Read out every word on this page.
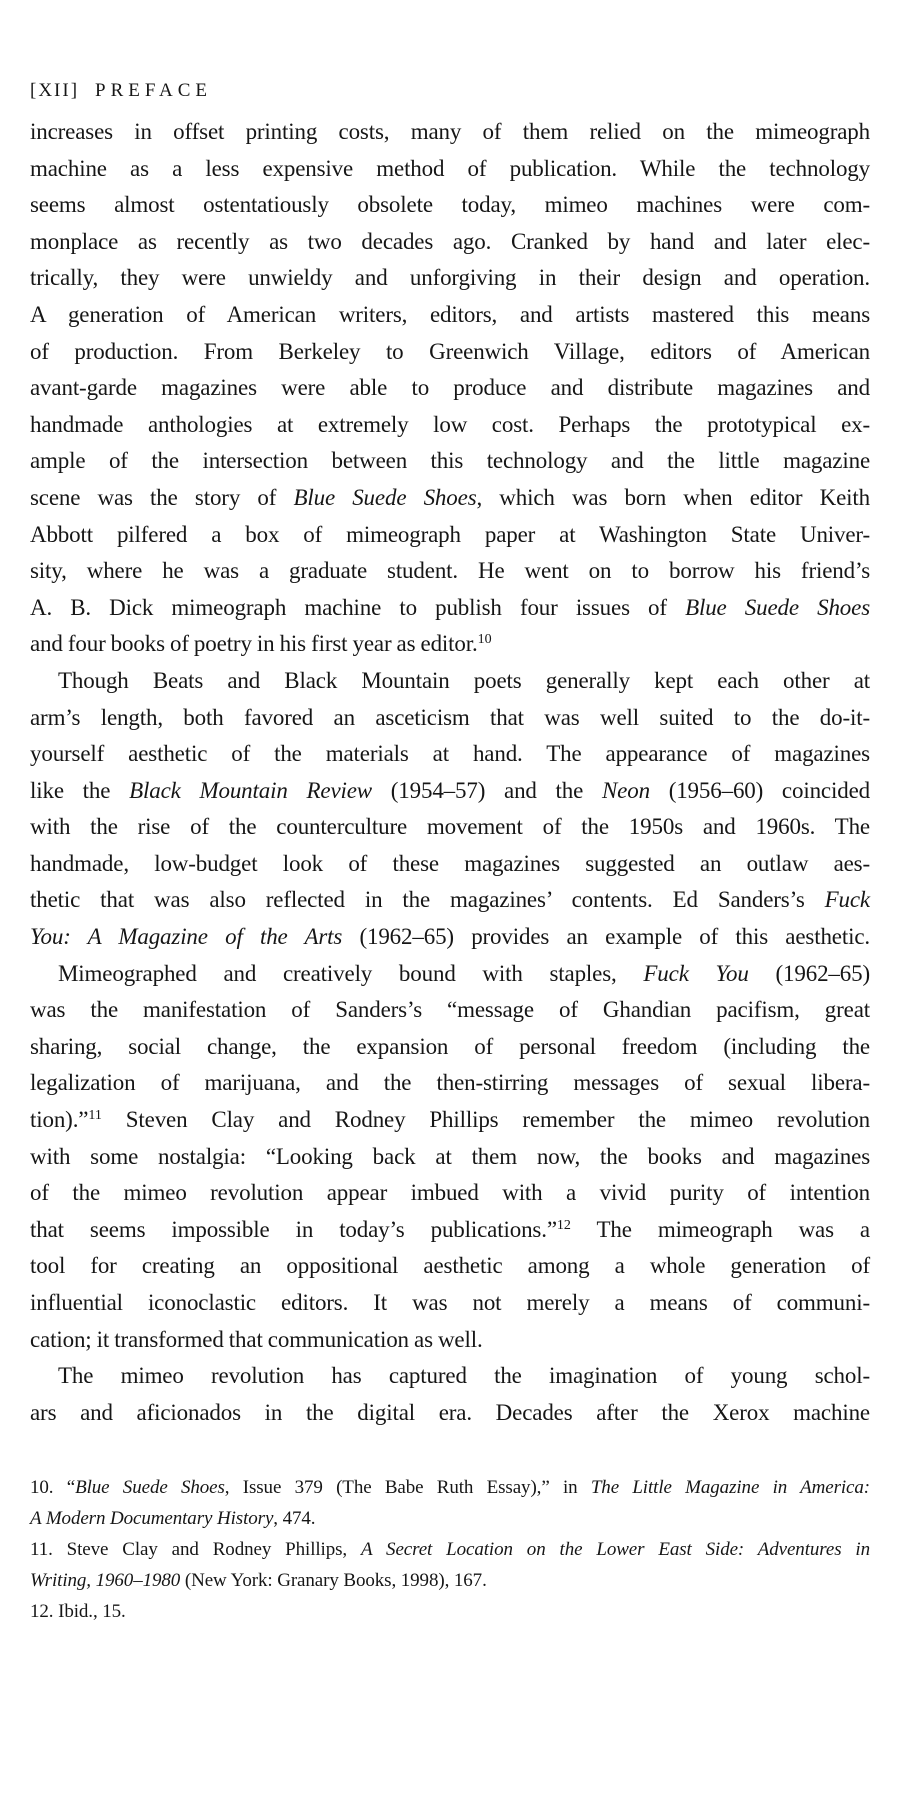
[XII] PREFACE
increases in offset printing costs, many of them relied on the mimeograph
machine as a less expensive method of publication. While the technology
seems almost ostentatiously obsolete today, mimeo machines were com-
monplace as recently as two decades ago. Cranked by hand and later elec-
trically, they were unwieldy and unforgiving in their design and operation.
A generation of American writers, editors, and artists mastered this means
of production. From Berkeley to Greenwich Village, editors of American
avant-garde magazines were able to produce and distribute magazines and
handmade anthologies at extremely low cost. Perhaps the prototypical ex-
ample of the intersection between this technology and the little magazine
scene was the story of Blue Suede Shoes, which was born when editor Keith
Abbott pilfered a box of mimeograph paper at Washington State Univer-
sity, where he was a graduate student. He went on to borrow his friend’s
A. B. Dick mimeograph machine to publish four issues of Blue Suede Shoes
and four books of poetry in his first year as editor.$^{10}$
Though Beats and Black Mountain poets generally kept each other at
arm’s length, both favored an asceticism that was well suited to the do-it-
yourself aesthetic of the materials at hand. The appearance of magazines
like the Black Mountain Review (1954–57) and the Neon (1956–60) coincided
with the rise of the counterculture movement of the 1950s and 1960s. The
handmade, low-budget look of these magazines suggested an outlaw aes-
thetic that was also reflected in the magazines’ contents. Ed Sanders’s Fuck
You: A Magazine of the Arts (1962–65) provides an example of this aesthetic.
Mimeographed and creatively bound with staples, Fuck You (1962–65)
was the manifestation of Sanders’s “message of Ghandian pacifism, great
sharing, social change, the expansion of personal freedom (including the
legalization of marijuana, and the then-stirring messages of sexual libera-
tion).”$^{11}$ Steven Clay and Rodney Phillips remember the mimeo revolution
with some nostalgia: “Looking back at them now, the books and magazines
of the mimeo revolution appear imbued with a vivid purity of intention
that seems impossible in today’s publications.”$^{12}$ The mimeograph was a
tool for creating an oppositional aesthetic among a whole generation of
influential iconoclastic editors. It was not merely a means of communi-
cation; it transformed that communication as well.
The mimeo revolution has captured the imagination of young schol-
ars and aficionados in the digital era. Decades after the Xerox machine
10. “Blue Suede Shoes, Issue 379 (The Babe Ruth Essay),” in The Little Magazine in America:
A Modern Documentary History, 474.
11. Steve Clay and Rodney Phillips, A Secret Location on the Lower East Side: Adventures in
Writing, 1960–1980 (New York: Granary Books, 1998), 167.
12. Ibid., 15.
